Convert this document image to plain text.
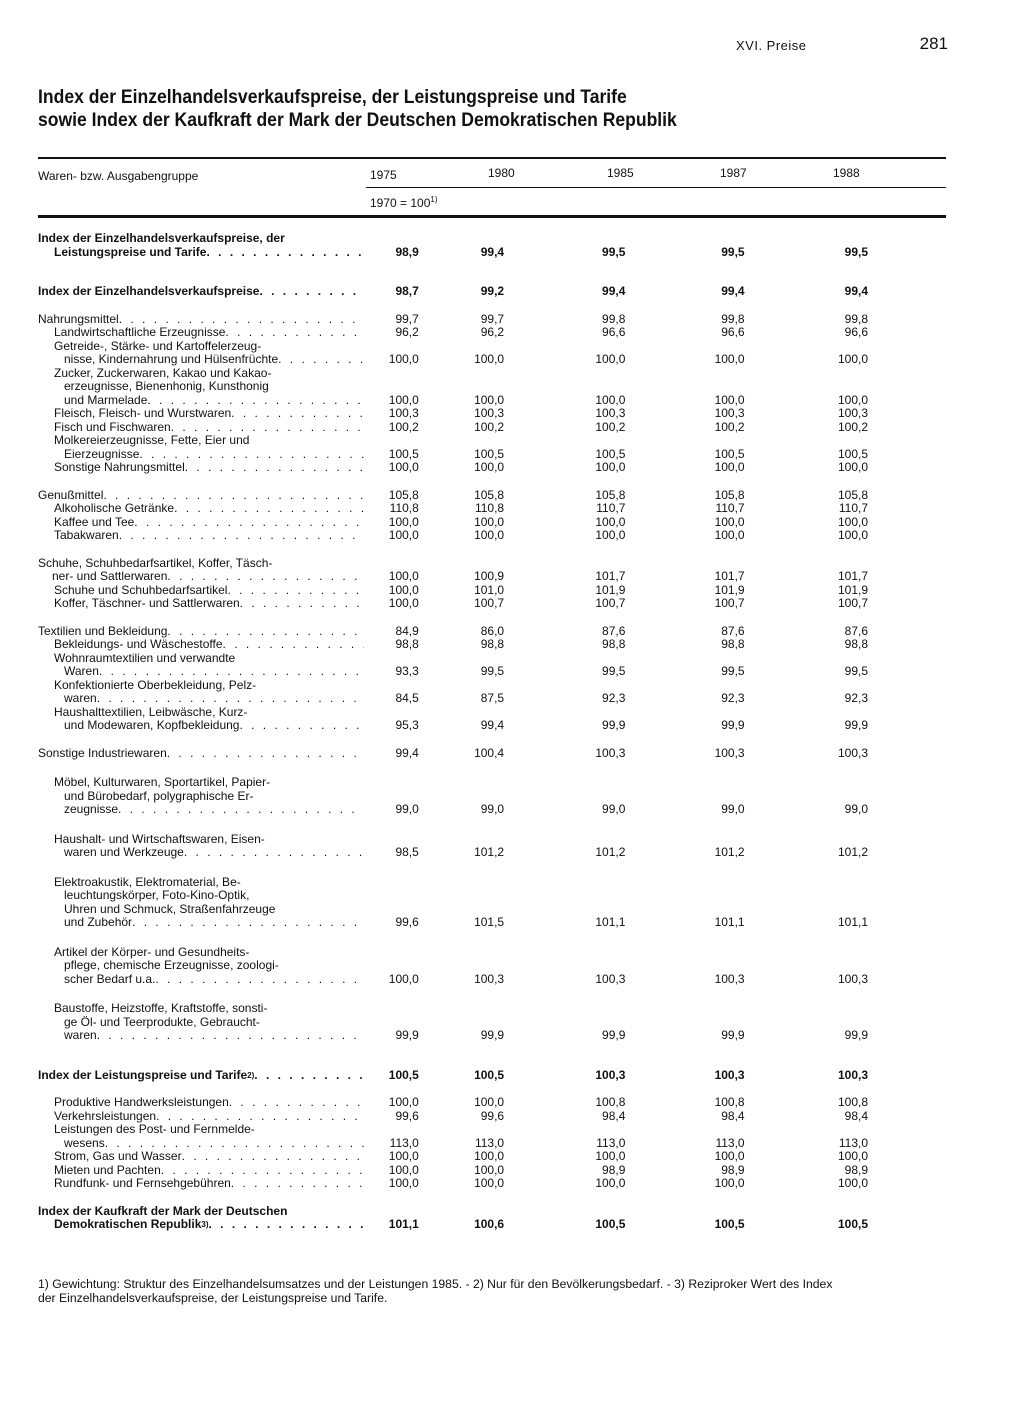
XVI. Preise	281
Index der Einzelhandelsverkaufspreise, der Leistungspreise und Tarife
sowie Index der Kaufkraft der Mark der Deutschen Demokratischen Republik
Waren- bzw. Ausgabengruppe	1975	1980	1985	1987	1988
$1970 = 100^{1)}$
Index der Einzelhandelsverkaufspreise, der
Leistungspreise und Tarife
. . .	98,9	99,4	99,5	99,5	99,5

Index der Einzelhandelsverkaufspreise
. . .	98,7	99,2	99,4	99,4	99,4

Nahrungsmittel
. . .	99,7	99,7	99,8	99,8	99,8

Landwirtschaftliche Erzeugnisse
. . .	96,2	96,2	96,6	96,6	96,6

Getreide-, Stärke- und Kartoffelerzeug-
nisse, Kindernahrung und Hülsenfrüchte
. . .	100,0	100,0	100,0	100,0	100,0

Zucker, Zuckerwaren, Kakao und Kakao-
erzeugnisse, Bienenhonig, Kunsthonig
und Marmelade
. . .	100,0	100,0	100,0	100,0	100,0

Fleisch, Fleisch- und Wurstwaren
. . .	100,3	100,3	100,3	100,3	100,3

Fisch und Fischwaren
. . .	100,2	100,2	100,2	100,2	100,2

Molkereierzeugnisse, Fette, Eier und
Eierzeugnisse
. . .	100,5	100,5	100,5	100,5	100,5

Sonstige Nahrungsmittel
. . .	100,0	100,0	100,0	100,0	100,0

Genußmittel
. . .	105,8	105,8	105,8	105,8	105,8

Alkoholische Getränke
. . .	110,8	110,8	110,7	110,7	110,7

Kaffee und Tee
. . .	100,0	100,0	100,0	100,0	100,0

Tabakwaren
. . .	100,0	100,0	100,0	100,0	100,0

Schuhe, Schuhbedarfsartikel, Koffer, Täsch-
ner- und Sattlerwaren
. . .	100,0	100,9	101,7	101,7	101,7

Schuhe und Schuhbedarfsartikel
. . .	100,0	101,0	101,9	101,9	101,9

Koffer, Täschner- und Sattlerwaren
. . .	100,0	100,7	100,7	100,7	100,7

Textilien und Bekleidung
. . .	84,9	86,0	87,6	87,6	87,6

Bekleidungs- und Wäschestoffe
. . .	98,8	98,8	98,8	98,8	98,8

Wohnraumtextilien und verwandte
Waren
. . .	93,3	99,5	99,5	99,5	99,5

Konfektionierte Oberbekleidung, Pelz-
waren
. . .	84,5	87,5	92,3	92,3	92,3

Haushalttextilien, Leibwäsche, Kurz-
und Modewaren, Kopfbekleidung
. . .	95,3	99,4	99,9	99,9	99,9

Sonstige Industriewaren
. . .	99,4	100,4	100,3	100,3	100,3

Möbel, Kulturwaren, Sportartikel, Papier-
und Bürobedarf, polygraphische Er-
zeugnisse
. . .	99,0	99,0	99,0	99,0	99,0

Haushalt- und Wirtschaftswaren, Eisen-
waren und Werkzeuge
. . .	98,5	101,2	101,2	101,2	101,2

Elektroakustik, Elektromaterial, Be-
leuchtungskörper, Foto-Kino-Optik,
Uhren und Schmuck, Straßenfahrzeuge
und Zubehör
. . .	99,6	101,5	101,1	101,1	101,1

Artikel der Körper- und Gesundheits-
pflege, chemische Erzeugnisse, zoologi-
scher Bedarf u.a.
. . .	100,0	100,3	100,3	100,3	100,3

Baustoffe, Heizstoffe, Kraftstoffe, sonsti-
ge Öl- und Teerprodukte, Gebraucht-
waren
. . .	99,9	99,9	99,9	99,9	99,9

Index der Leistungspreise und Tarife 2)
. . .	100,5	100,5	100,3	100,3	100,3

Produktive Handwerksleistungen
. . .	100,0	100,0	100,8	100,8	100,8

Verkehrsleistungen
. . .	99,6	99,6	98,4	98,4	98,4

Leistungen des Post- und Fernmelde-
wesens
. . .	113,0	113,0	113,0	113,0	113,0

Strom, Gas und Wasser
. . .	100,0	100,0	100,0	100,0	100,0

Mieten und Pachten
. . .	100,0	100,0	98,9	98,9	98,9

Rundfunk- und Fernsehgebühren
. . .	100,0	100,0	100,0	100,0	100,0

Index der Kaufkraft der Mark der Deutschen
Demokratischen Republik 3)
. . .	101,1	100,6	100,5	100,5	100,5
1) Gewichtung: Struktur des Einzelhandelsumsatzes und der Leistungen 1985. - 2) Nur für den Bevölkerungsbedarf. - 3) Reziproker Wert des Index
der Einzelhandelsverkaufspreise, der Leistungspreise und Tarife.
